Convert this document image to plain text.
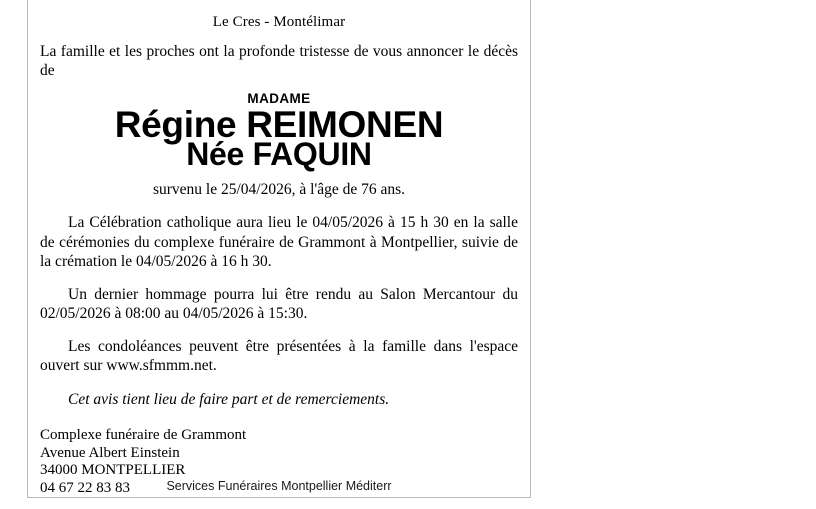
Le Cres - Montélimar

La famille et les proches ont la profonde tristesse de vous annoncer le décès de

MADAME
Régine REIMONEN
Née FAQUIN
survenu le 25/04/2026, à l'âge de 76 ans.

La Célébration catholique aura lieu le 04/05/2026 à 15 h 30 en la salle de cérémonies du complexe funéraire de Grammont à Montpellier, suivie de la crémation le 04/05/2026 à 16 h 30.

Un dernier hommage pourra lui être rendu au Salon Mercantour du 02/05/2026 à 08:00 au 04/05/2026 à 15:30.

Les condoléances peuvent être présentées à la famille dans l'espace ouvert sur www.sfmmm.net.

Cet avis tient lieu de faire part et de remerciements.

Complexe funéraire de Grammont
Avenue Albert Einstein
34000 MONTPELLIER
04 67 22 83 83	Services Funéraires Montpellier Méditerr
